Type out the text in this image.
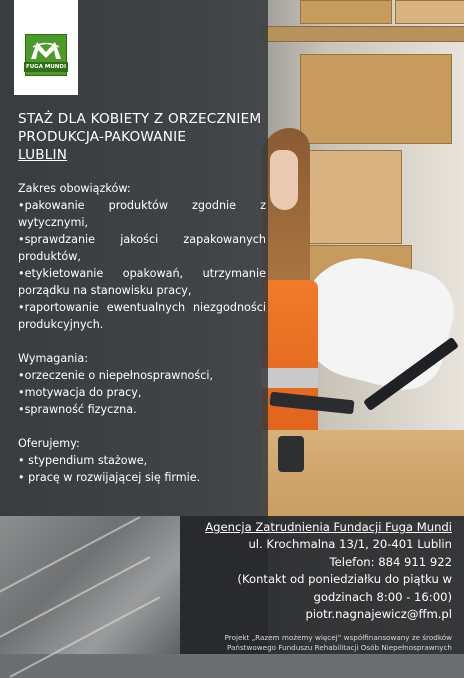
FUGA MUNDI
STAŻ DLA KOBIETY Z ORZECZNIEM
PRODUKCJA-PAKOWANIE
LUBLIN
Zakres obowiązków:
•pakowanie produktów zgodnie z wytycznymi,
•sprawdzanie jakości zapakowanych produktów,
•etykietowanie opakowań, utrzymanie porządku na stanowisku pracy,
•raportowanie ewentualnych niezgodności produkcyjnych.
Wymagania:
•orzeczenie o niepełnosprawności,
•motywacja do pracy,
•sprawność fizyczna.
Oferujemy:
• stypendium stażowe,
• pracę w rozwijającej się firmie.
Agencja Zatrudnienia Fundacji Fuga Mundi
ul. Krochmalna 13/1, 20-401 Lublin
Telefon: 884 911 922
(Kontakt od poniedziałku do piątku w godzinach 8:00 - 16:00)
piotr.nagnajewicz@ffm.pl
Projekt „Razem możemy więcej” współfinansowany ze środków
Państwowego Funduszu Rehabilitacji Osób Niepełnosprawnych
